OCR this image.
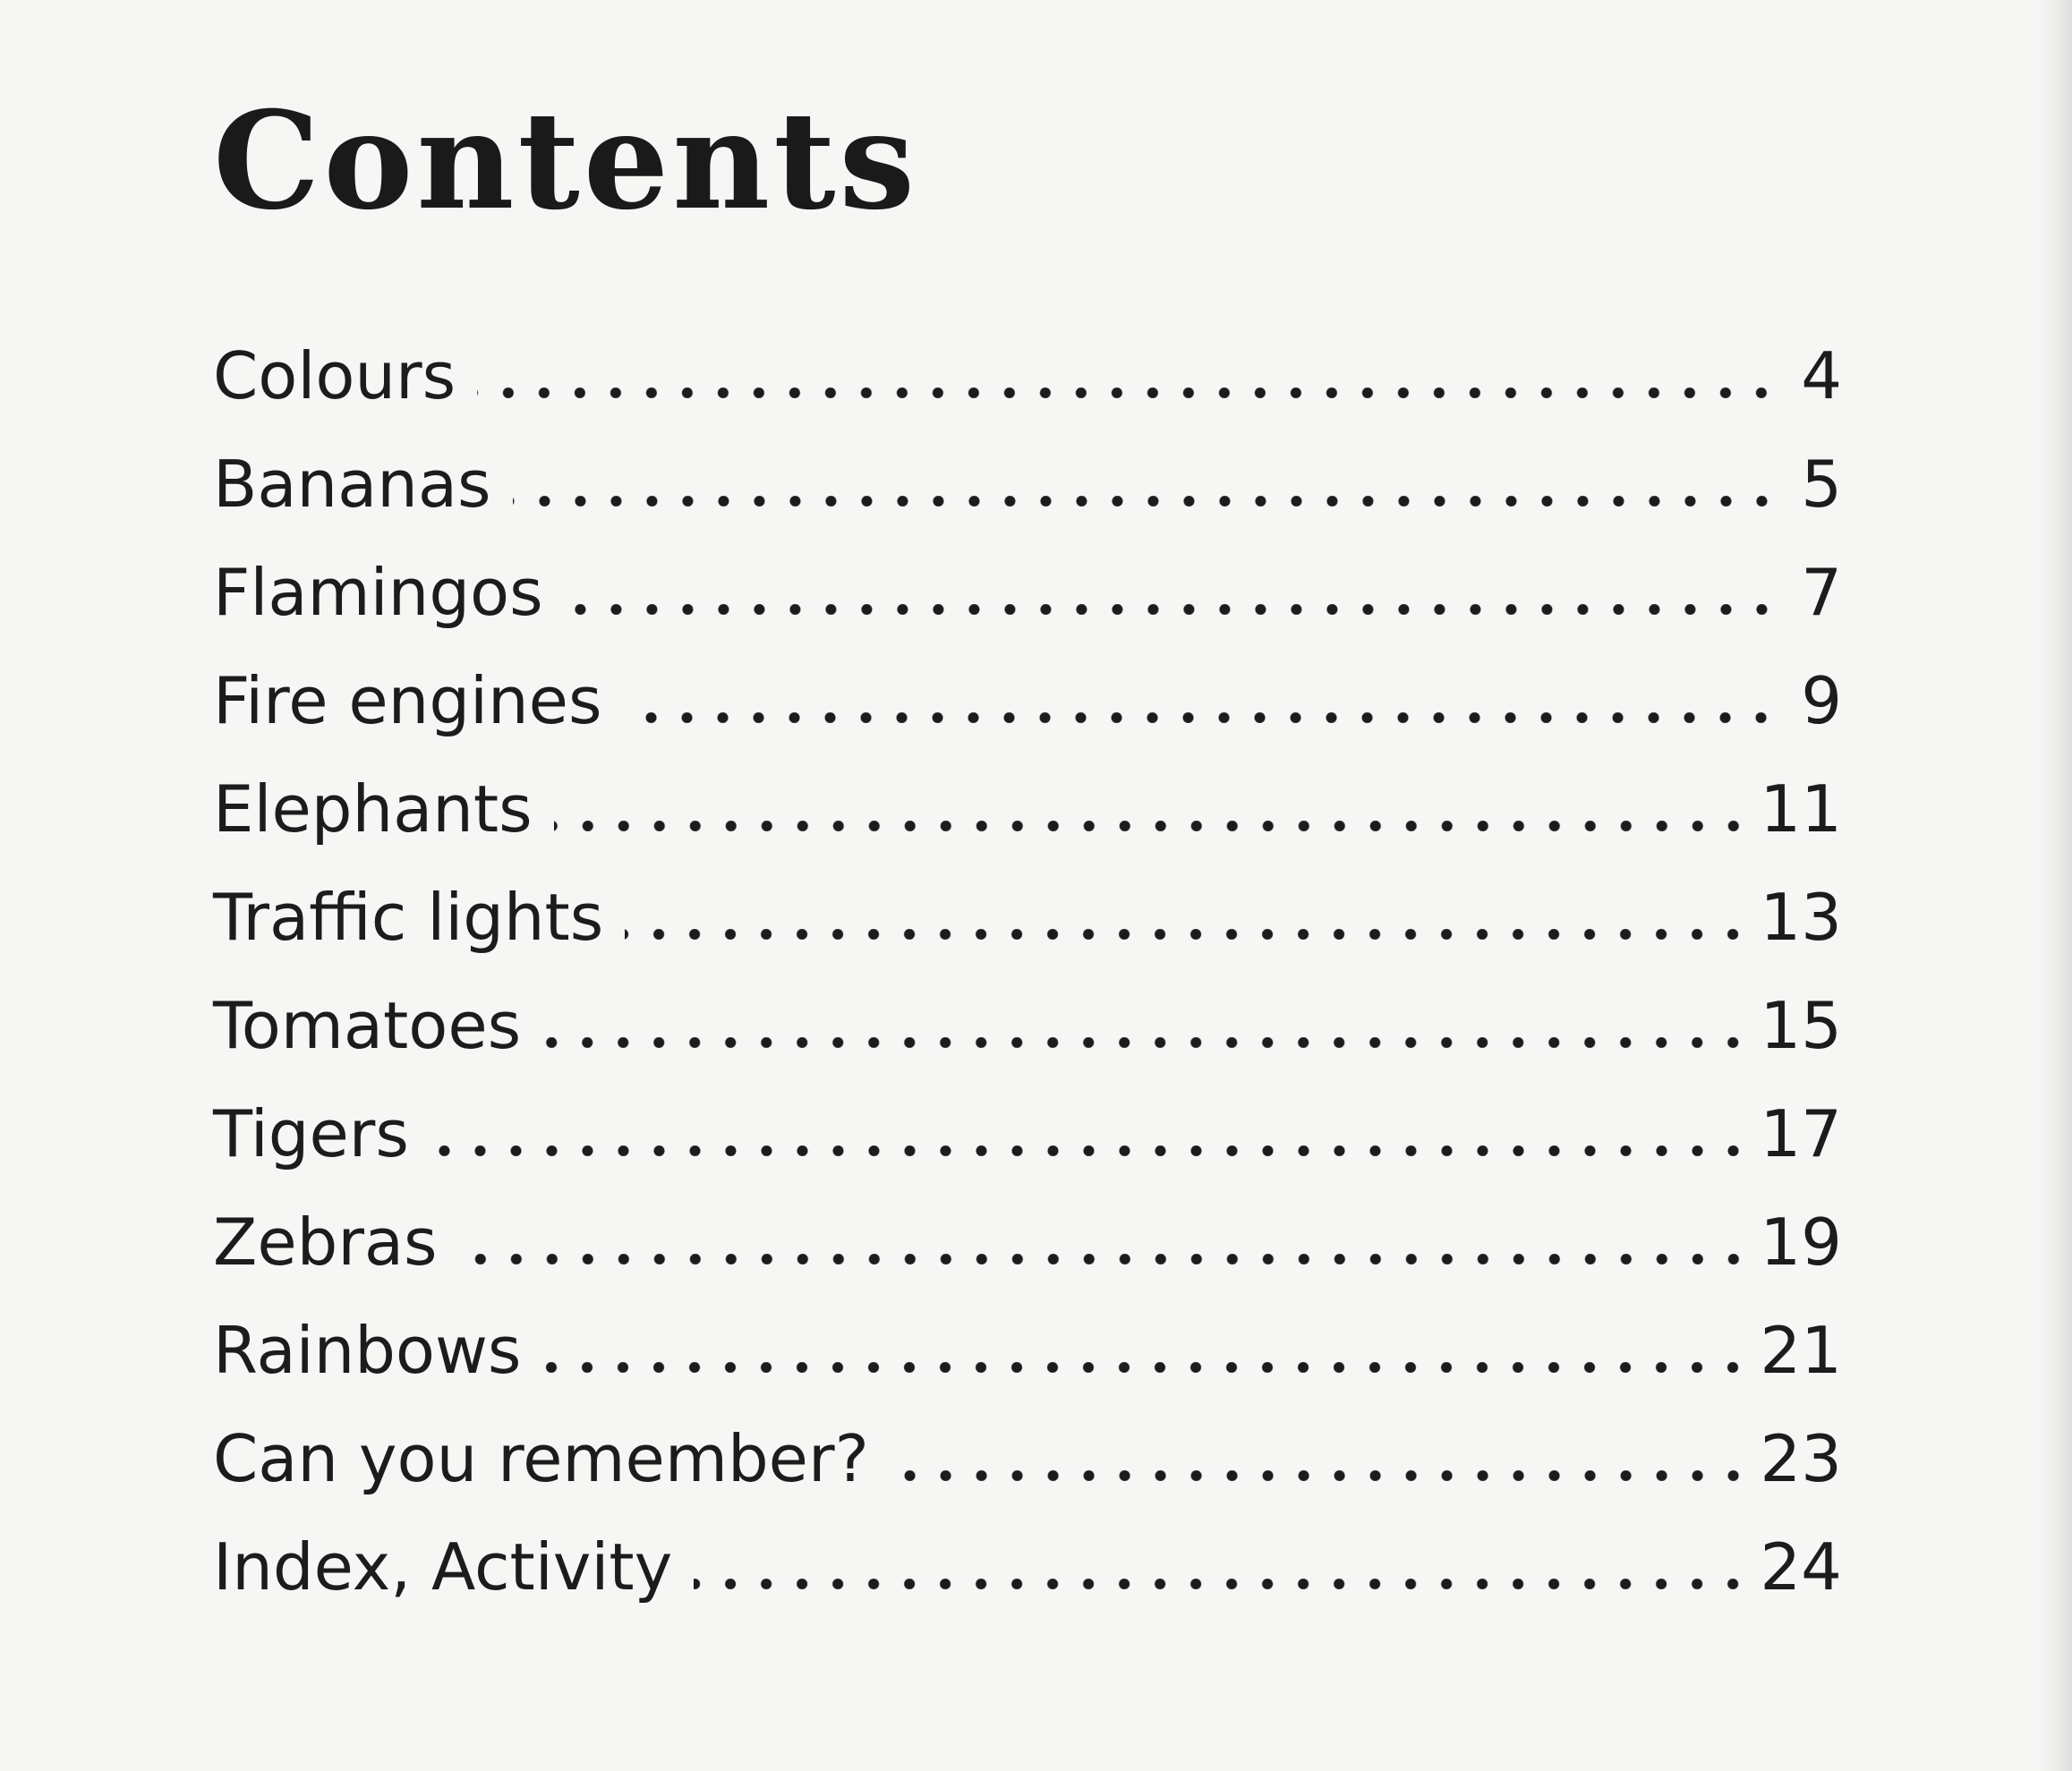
Contents
Colours	4
Bananas	5
Flamingos	7
Fire engines	9
Elephants	11
Traffic lights	13
Tomatoes	15
Tigers	17
Zebras	19
Rainbows	21
Can you remember?	23
Index, Activity	24
